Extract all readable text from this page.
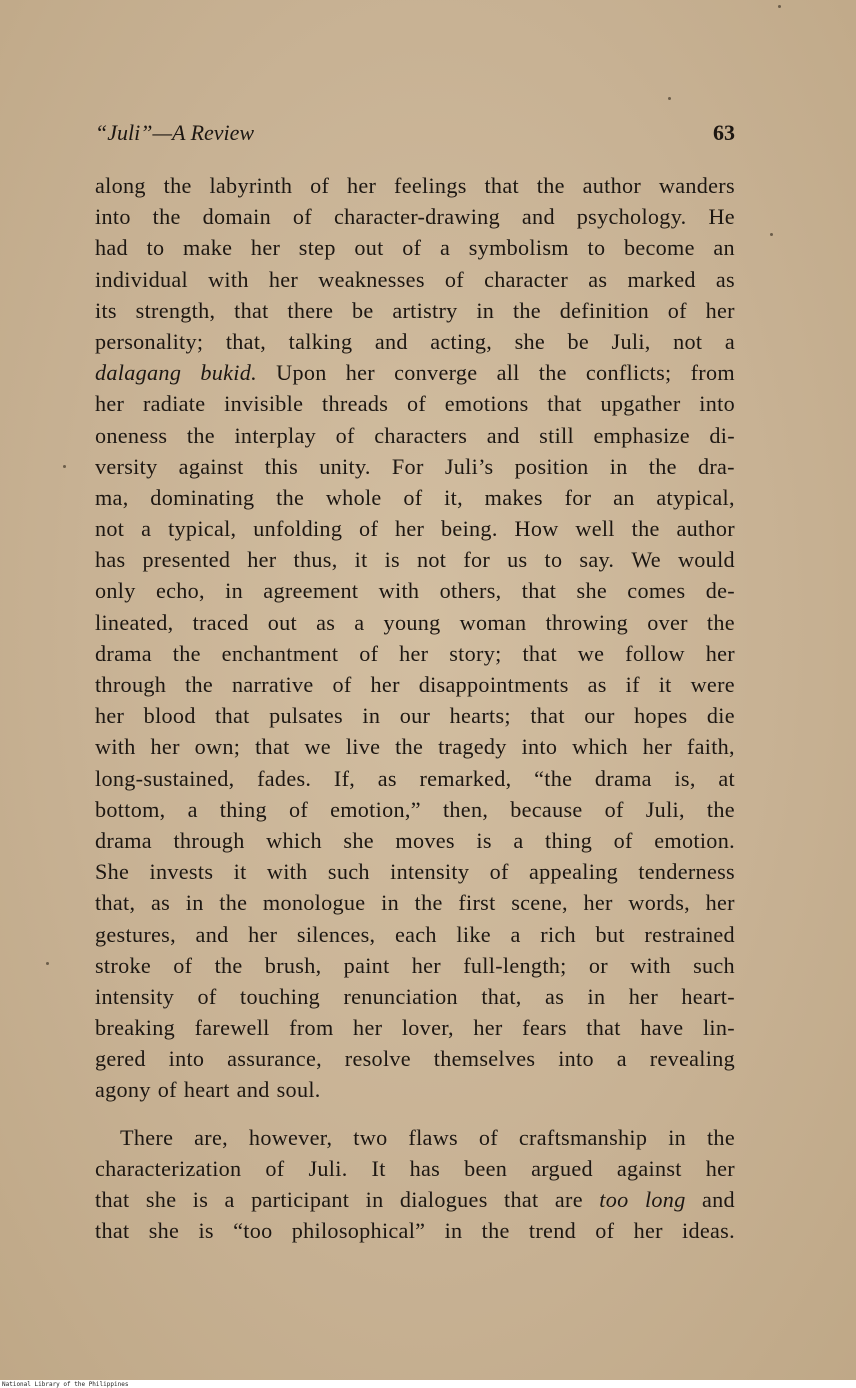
“Juli”—A Review	63
along the labyrinth of her feelings that the author wanders
into the domain of character-drawing and psychology. He
had to make her step out of a symbolism to become an
individual with her weaknesses of character as marked as
its strength, that there be artistry in the definition of her
personality; that, talking and acting, she be Juli, not a
dalagang bukid. Upon her converge all the conflicts; from
her radiate invisible threads of emotions that upgather into
oneness the interplay of characters and still emphasize di-
versity against this unity. For Juli’s position in the dra-
ma, dominating the whole of it, makes for an atypical,
not a typical, unfolding of her being. How well the author
has presented her thus, it is not for us to say. We would
only echo, in agreement with others, that she comes de-
lineated, traced out as a young woman throwing over the
drama the enchantment of her story; that we follow her
through the narrative of her disappointments as if it were
her blood that pulsates in our hearts; that our hopes die
with her own; that we live the tragedy into which her faith,
long-sustained, fades. If, as remarked, “the drama is, at
bottom, a thing of emotion,” then, because of Juli, the
drama through which she moves is a thing of emotion.
She invests it with such intensity of appealing tenderness
that, as in the monologue in the first scene, her words, her
gestures, and her silences, each like a rich but restrained
stroke of the brush, paint her full-length; or with such
intensity of touching renunciation that, as in her heart-
breaking farewell from her lover, her fears that have lin-
gered into assurance, resolve themselves into a revealing
agony of heart and soul.
There are, however, two flaws of craftsmanship in the
characterization of Juli. It has been argued against her
that she is a participant in dialogues that are too long and
that she is “too philosophical” in the trend of her ideas.
National Library of the Philippines
